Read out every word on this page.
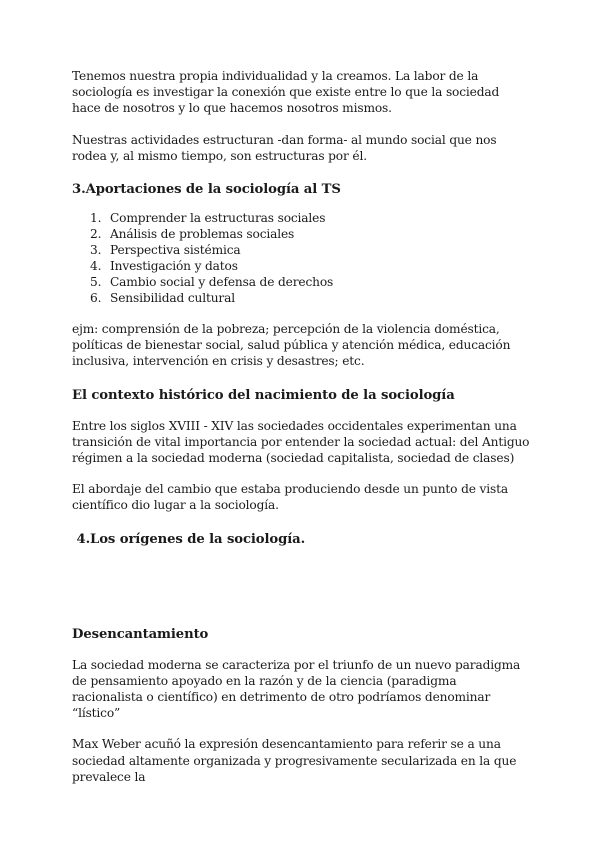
Tenemos nuestra propia individualidad y la creamos. La labor de la sociología es investigar la conexión que existe entre lo que la sociedad hace de nosotros y lo que hacemos nosotros mismos.

Nuestras actividades estructuran -dan forma- al mundo social que nos rodea y, al mismo tiempo, son estructuras por él.

3.Aportaciones de la sociología al TS
1. Comprender la estructuras sociales
2. Análisis de problemas sociales
3. Perspectiva sistémica
4. Investigación y datos
5. Cambio social y defensa de derechos
6. Sensibilidad cultural

ejm: comprensión de la pobreza; percepción de la violencia doméstica, políticas de bienestar social, salud pública y atención médica, educación inclusiva, intervención en crisis y desastres; etc.

El contexto histórico del nacimiento de la sociología

Entre los siglos XVIII - XIV las sociedades occidentales experimentan una transición de vital importancia por entender la sociedad actual: del Antiguo régimen a la sociedad moderna (sociedad capitalista, sociedad de clases)

El abordaje del cambio que estaba produciendo desde un punto de vista científico dio lugar a la sociología.

4.Los orígenes de la sociología.
Desencantamiento

La sociedad moderna se caracteriza por el triunfo de un nuevo paradigma de pensamiento apoyado en la razón y de la ciencia (paradigma racionalista o científico) en detrimento de otro podríamos denominar “lístico”

Max Weber acuñó la expresión desencantamiento para referir se a una sociedad altamente organizada y progresivamente secularizada en la que prevalece la
